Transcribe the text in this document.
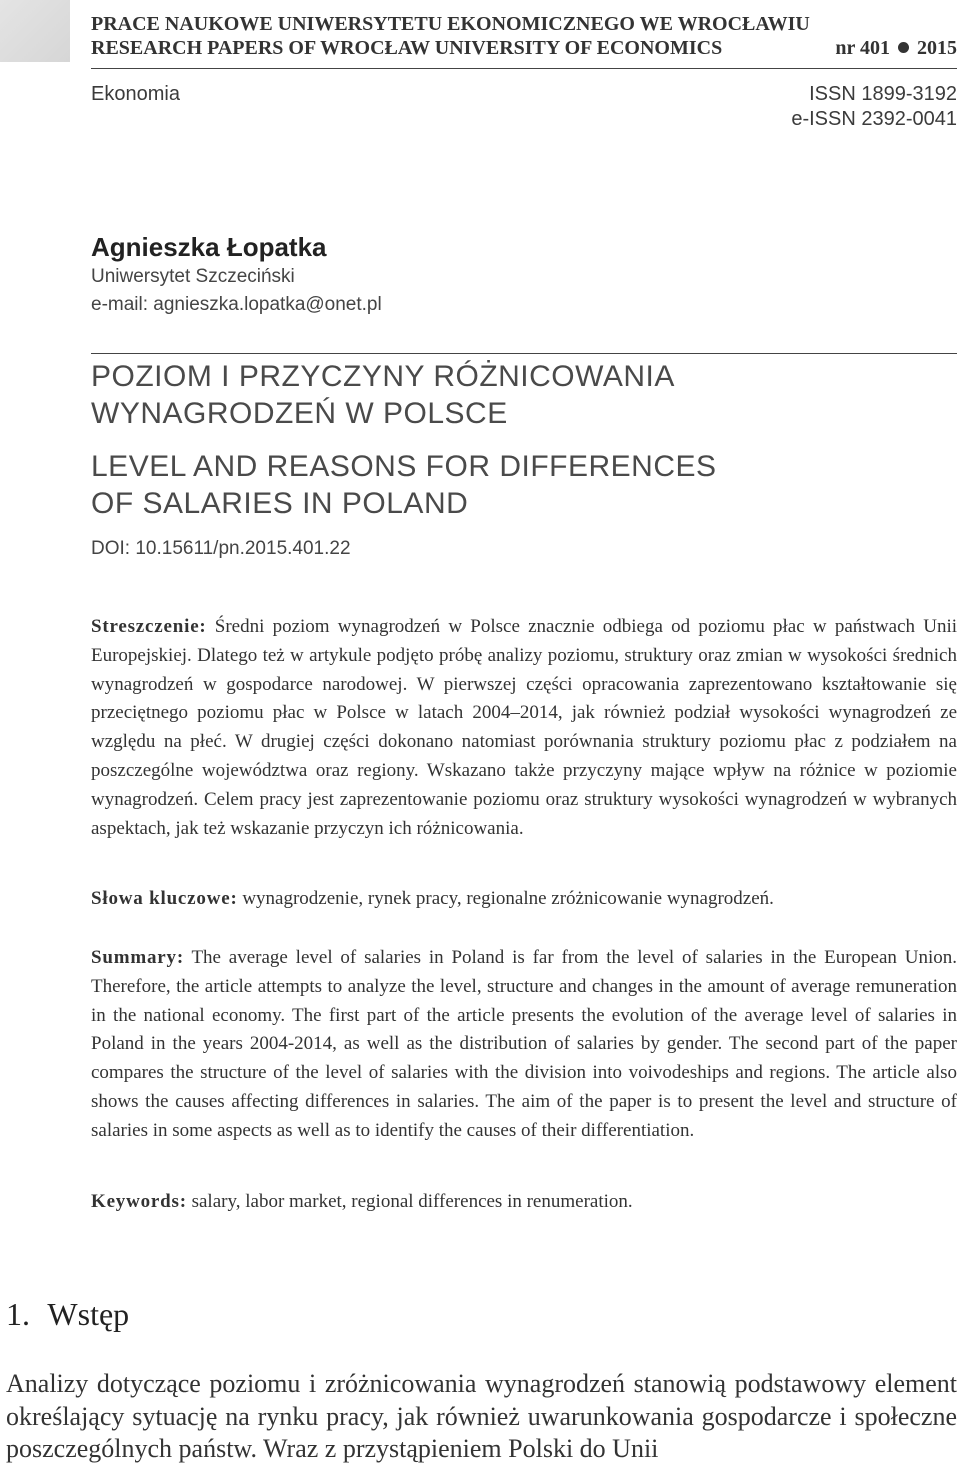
PRACE NAUKOWE UNIWERSYTETU EKONOMICZNEGO WE WROCŁAWIU
RESEARCH PAPERS OF WROCŁAW UNIVERSITY OF ECONOMICS	nr 401 2015
Ekonomia	ISSN 1899-3192
e-ISSN 2392-0041
Agnieszka Łopatka
Uniwersytet Szczeciński
e-mail: agnieszka.lopatka@onet.pl
POZIOM I PRZYCZYNY RÓŻNICOWANIA
WYNAGRODZEŃ W POLSCE
LEVEL AND REASONS FOR DIFFERENCES
OF SALARIES IN POLAND
DOI: 10.15611/pn.2015.401.22
Streszczenie: Średni poziom wynagrodzeń w Polsce znacznie odbiega od poziomu płac w państwach Unii Europejskiej. Dlatego też w artykule podjęto próbę analizy poziomu, struktury oraz zmian w wysokości średnich wynagrodzeń w gospodarce narodowej. W pierwszej części opracowania zaprezentowano kształtowanie się przeciętnego poziomu płac w Polsce w latach 2004–2014, jak również podział wysokości wynagrodzeń ze względu na płeć. W drugiej części dokonano natomiast porównania struktury poziomu płac z podziałem na poszczególne województwa oraz regiony. Wskazano także przyczyny mające wpływ na różnice w poziomie wynagrodzeń. Celem pracy jest zaprezentowanie poziomu oraz struktury wysokości wynagrodzeń w wybranych aspektach, jak też wskazanie przyczyn ich różnicowania.
Słowa kluczowe: wynagrodzenie, rynek pracy, regionalne zróżnicowanie wynagrodzeń.
Summary: The average level of salaries in Poland is far from the level of salaries in the European Union. Therefore, the article attempts to analyze the level, structure and changes in the amount of average remuneration in the national economy. The first part of the article presents the evolution of the average level of salaries in Poland in the years 2004-2014, as well as the distribution of salaries by gender. The second part of the paper compares the structure of the level of salaries with the division into voivodeships and regions. The article also shows the causes affecting differences in salaries. The aim of the paper is to present the level and structure of salaries in some aspects as well as to identify the causes of their differentiation.
Keywords: salary, labor market, regional differences in renumeration.
1. Wstęp
Analizy dotyczące poziomu i zróżnicowania wynagrodzeń stanowią podstawowy element określający sytuację na rynku pracy, jak również uwarunkowania gospodarcze i społeczne poszczególnych państw. Wraz z przystąpieniem Polski do Unii
